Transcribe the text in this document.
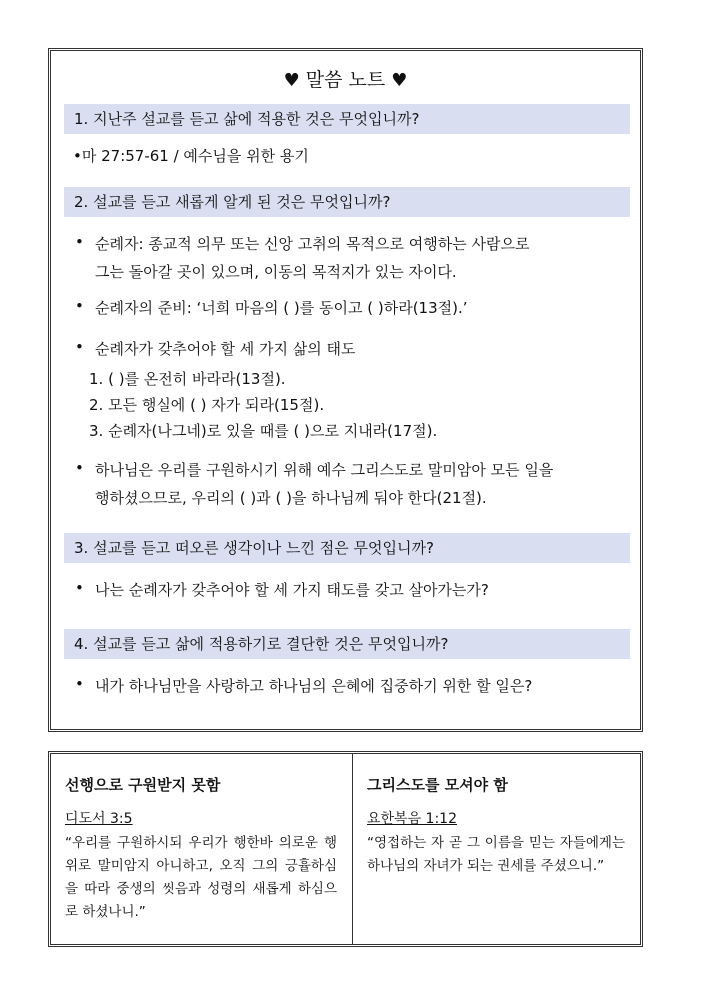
♥ 말씀 노트 ♥
1. 지난주 설교를 듣고 삶에 적용한 것은 무엇입니까?
•마 27:57-61 / 예수님을 위한 용기
2. 설교를 듣고 새롭게 알게 된 것은 무엇입니까?
• 순례자: 종교적 의무 또는 신앙 고취의 목적으로 여행하는 사람으로
그는 돌아갈 곳이 있으며, 이동의 목적지가 있는 자이다.
• 순례자의 준비: ‘너희 마음의 ( )를 동이고 ( )하라(13절).’
• 순례자가 갖추어야 할 세 가지 삶의 태도
1. ( )를 온전히 바라라(13절).
2. 모든 행실에 ( ) 자가 되라(15절).
3. 순례자(나그네)로 있을 때를 ( )으로 지내라(17절).
• 하나님은 우리를 구원하시기 위해 예수 그리스도로 말미암아 모든 일을
행하셨으므로, 우리의 ( )과 ( )을 하나님께 둬야 한다(21절).
3. 설교를 듣고 떠오른 생각이나 느낀 점은 무엇입니까?
• 나는 순례자가 갖추어야 할 세 가지 태도를 갖고 살아가는가?
4. 설교를 듣고 삶에 적용하기로 결단한 것은 무엇입니까?
• 내가 하나님만을 사랑하고 하나님의 은혜에 집중하기 위한 할 일은?
선행으로 구원받지 못함
디도서 3:5
“우리를 구원하시되 우리가 행한바 의로운 행위로 말미암지 아니하고, 오직 그의 긍휼하심을 따라 중생의 씻음과 성령의 새롭게 하심으로 하셨나니.”
그리스도를 모셔야 함
요한복음 1:12
“영접하는 자 곧 그 이름을 믿는 자들에게는 하나님의 자녀가 되는 권세를 주셨으니.”
